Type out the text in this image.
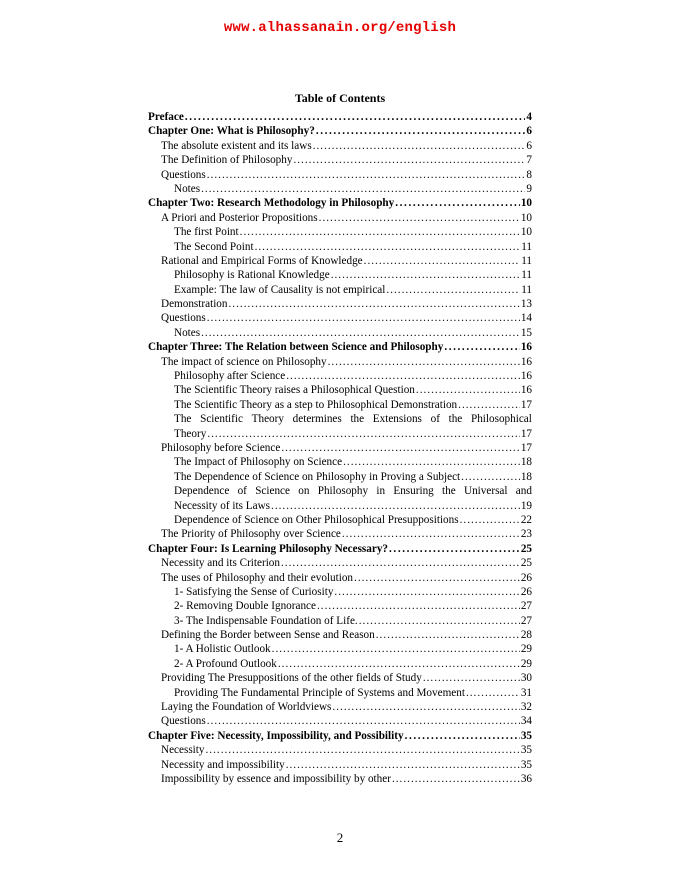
www.alhassanain.org/english
Table of Contents
Preface .....	4
Chapter One: What is Philosophy? .....	6
The absolute existent and its laws .....	6
The Definition of Philosophy .....	7
Questions .....	8
Notes .....	9
Chapter Two: Research Methodology in Philosophy .....	10
A Priori and Posterior Propositions .....	10
The first Point .....	10
The Second Point .....	11
Rational and Empirical Forms of Knowledge .....	11
Philosophy is Rational Knowledge .....	11
Example: The law of Causality is not empirical .....	11
Demonstration .....	13
Questions .....	14
Notes .....	15
Chapter Three: The Relation between Science and Philosophy .....	16
The impact of science on Philosophy .....	16
Philosophy after Science .....	16
The Scientific Theory raises a Philosophical Question .....	16
The Scientific Theory as a step to Philosophical Demonstration .....	17
The Scientific Theory determines the Extensions of the Philosophical
Theory .....	17
Philosophy before Science .....	17
The Impact of Philosophy on Science .....	18
The Dependence of Science on Philosophy in Proving a Subject .....	18
Dependence of Science on Philosophy in Ensuring the Universal and
Necessity of its Laws .....	19
Dependence of Science on Other Philosophical Presuppositions .....	22
The Priority of Philosophy over Science .....	23
Chapter Four: Is Learning Philosophy Necessary? .....	25
Necessity and its Criterion .....	25
The uses of Philosophy and their evolution .....	26
1- Satisfying the Sense of Curiosity .....	26
2- Removing Double Ignorance .....	27
3- The Indispensable Foundation of Life. .....	27
Defining the Border between Sense and Reason .....	28
1- A Holistic Outlook .....	29
2- A Profound Outlook .....	29
Providing The Presuppositions of the other fields of Study .....	30
Providing The Fundamental Principle of Systems and Movement .....	31
Laying the Foundation of Worldviews .....	32
Questions .....	34
Chapter Five: Necessity, Impossibility, and Possibility .....	35
Necessity .....	35
Necessity and impossibility .....	35
Impossibility by essence and impossibility by other .....	36
2
